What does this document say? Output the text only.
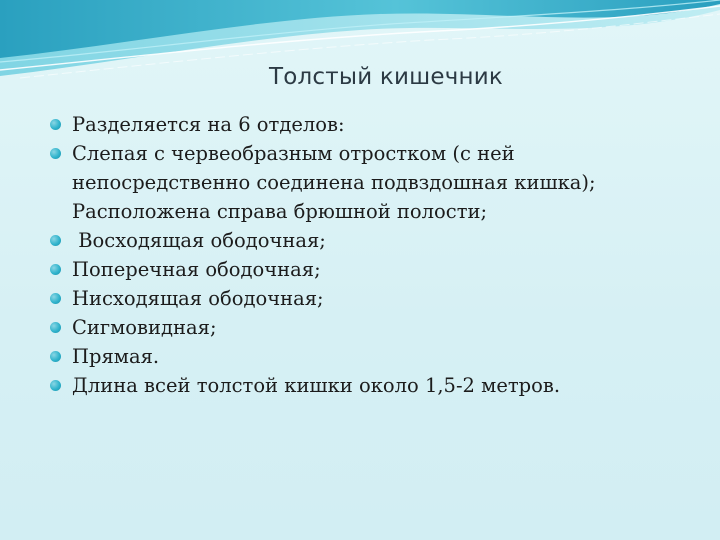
Толстый кишечник
Разделяется на 6 отделов:
Слепая с червеобразным отростком (с ней
непосредственно соединена подвздошная кишка);
Расположена справа брюшной полости;
Восходящая ободочная;
Поперечная ободочная;
Нисходящая ободочная;
Сигмовидная;
Прямая.
Длина всей толстой кишки около 1,5-2 метров.
